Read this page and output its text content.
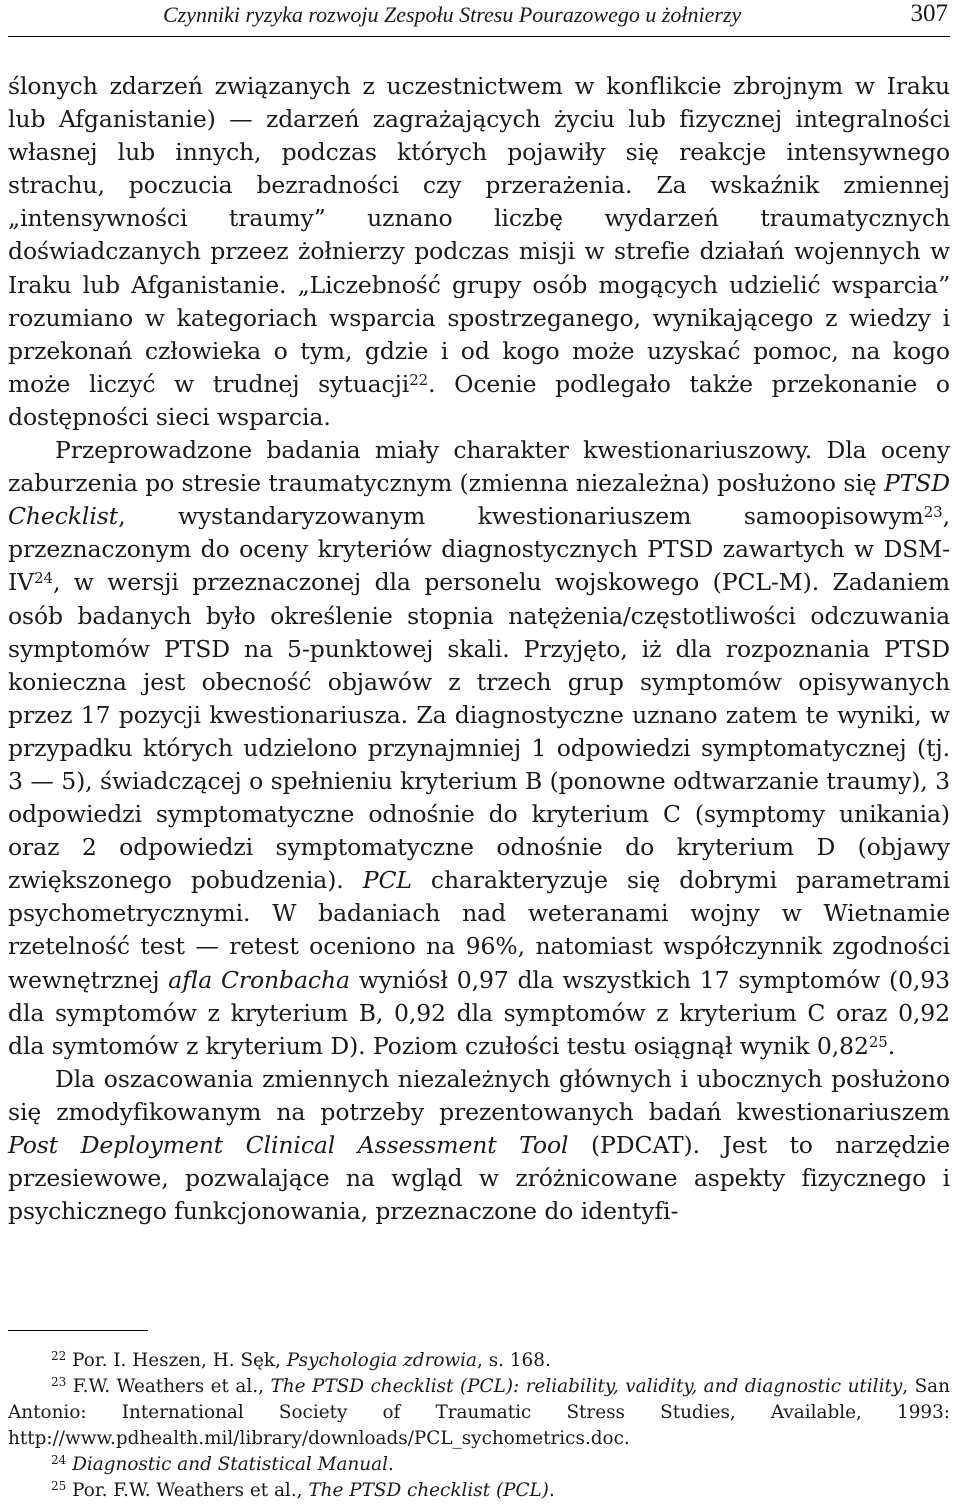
Czynniki ryzyka rozwoju Zespołu Stresu Pourazowego u żołnierzy	307

ślonych zdarzeń związanych z uczestnictwem w konflikcie zbrojnym w Iraku lub Afganistanie) — zdarzeń zagrażających życiu lub fizycznej integralności własnej lub innych, podczas których pojawiły się reakcje intensywnego strachu, poczucia bezradności czy przerażenia. Za wskaźnik zmiennej „intensywności traumy” uznano liczbę wydarzeń traumatycznych doświadczanych przeez żołnierzy podczas misji w strefie działań wojennych w Iraku lub Afganistanie. „Liczebność grupy osób mogących udzielić wsparcia” rozumiano w kategoriach wsparcia spostrzeganego, wynikającego z wiedzy i przekonań człowieka o tym, gdzie i od kogo może uzyskać pomoc, na kogo może liczyć w trudnej sytuacji$^{22}$. Ocenie podlegało także przekonanie o dostępności sieci wsparcia.

Przeprowadzone badania miały charakter kwestionariuszowy. Dla oceny zaburzenia po stresie traumatycznym (zmienna niezależna) posłużono się PTSD Checklist, wystandaryzowanym kwestionariuszem samoopisowym$^{23}$, przeznaczonym do oceny kryteriów diagnostycznych PTSD zawartych w DSM-IV$^{24}$, w wersji przeznaczonej dla personelu wojskowego (PCL-M). Zadaniem osób badanych było określenie stopnia natężenia/częstotliwości odczuwania symptomów PTSD na 5-punktowej skali. Przyjęto, iż dla rozpoznania PTSD konieczna jest obecność objawów z trzech grup symptomów opisywanych przez 17 pozycji kwestionariusza. Za diagnostyczne uznano zatem te wyniki, w przypadku których udzielono przynajmniej 1 odpowiedzi symptomatycznej (tj. 3 — 5), świadczącej o spełnieniu kryterium B (ponowne odtwarzanie traumy), 3 odpowiedzi symptomatyczne odnośnie do kryterium C (symptomy unikania) oraz 2 odpowiedzi symptomatyczne odnośnie do kryterium D (objawy zwiększonego pobudzenia). PCL charakteryzuje się dobrymi parametrami psychometrycznymi. W badaniach nad weteranami wojny w Wietnamie rzetelność test — retest oceniono na 96%, natomiast współczynnik zgodności wewnętrznej afla Cronbacha wyniósł 0,97 dla wszystkich 17 symptomów (0,93 dla symptomów z kryterium B, 0,92 dla symptomów z kryterium C oraz 0,92 dla symtomów z kryterium D). Poziom czułości testu osiągnął wynik 0,82$^{25}$.

Dla oszacowania zmiennych niezależnych głównych i ubocznych posłużono się zmodyfikowanym na potrzeby prezentowanych badań kwestionariuszem Post Deployment Clinical Assessment Tool (PDCAT). Jest to narzędzie przesiewowe, pozwalające na wgląd w zróżnicowane aspekty fizycznego i psychicznego funkcjonowania, przeznaczone do identyfi-

$^{22}$ Por. I. Heszen, H. Sęk, Psychologia zdrowia, s. 168.

$^{23}$ F.W. Weathers et al., The PTSD checklist (PCL): reliability, validity, and diagnostic utility, San Antonio: International Society of Traumatic Stress Studies, Available, 1993: http://www.pdhealth.mil/library/downloads/PCL_sychometrics.doc.

$^{24}$ Diagnostic and Statistical Manual.

$^{25}$ Por. F.W. Weathers et al., The PTSD checklist (PCL).
